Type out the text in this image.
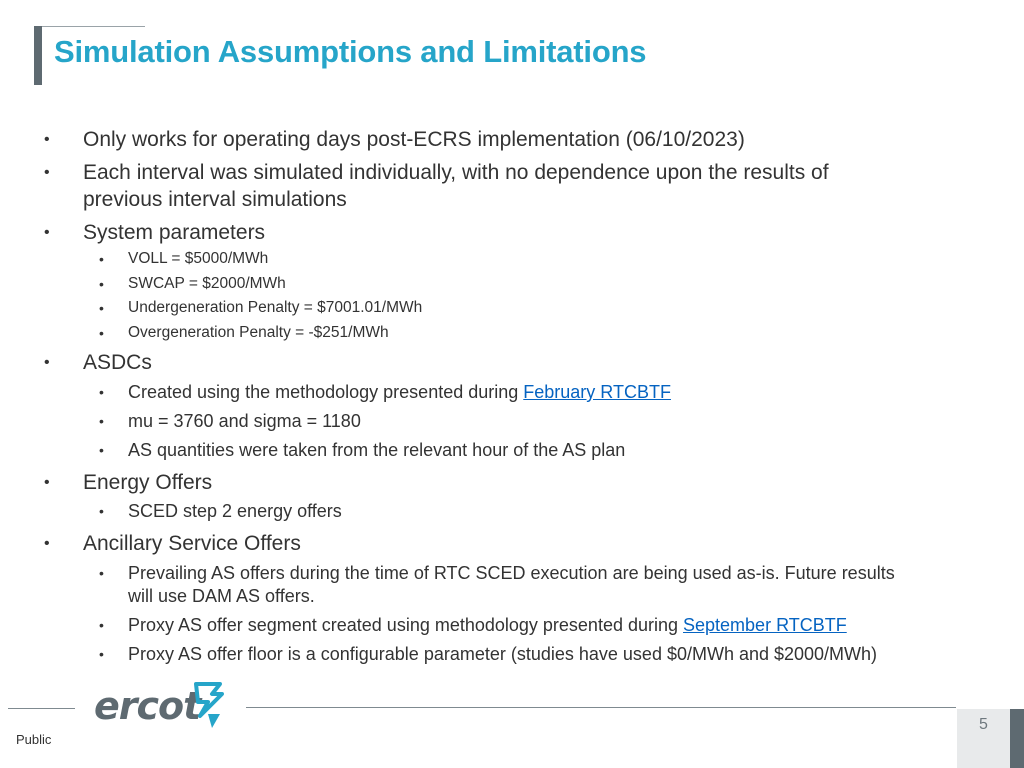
Simulation Assumptions and Limitations
• Only works for operating days post-ECRS implementation (06/10/2023)
• Each interval was simulated individually, with no dependence upon the results of
previous interval simulations
• System parameters
• VOLL = $5000/MWh
• SWCAP = $2000/MWh
• Undergeneration Penalty = $7001.01/MWh
• Overgeneration Penalty = -$251/MWh
• ASDCs
• Created using the methodology presented during February RTCBTF
• mu = 3760 and sigma = 1180
• AS quantities were taken from the relevant hour of the AS plan
• Energy Offers
• SCED step 2 energy offers
• Ancillary Service Offers
• Prevailing AS offers during the time of RTC SCED execution are being used as-is. Future results
will use DAM AS offers.
• Proxy AS offer segment created using methodology presented during September RTCBTF
• Proxy AS offer floor is a configurable parameter (studies have used $0/MWh and $2000/MWh)
ercot	5
Public
